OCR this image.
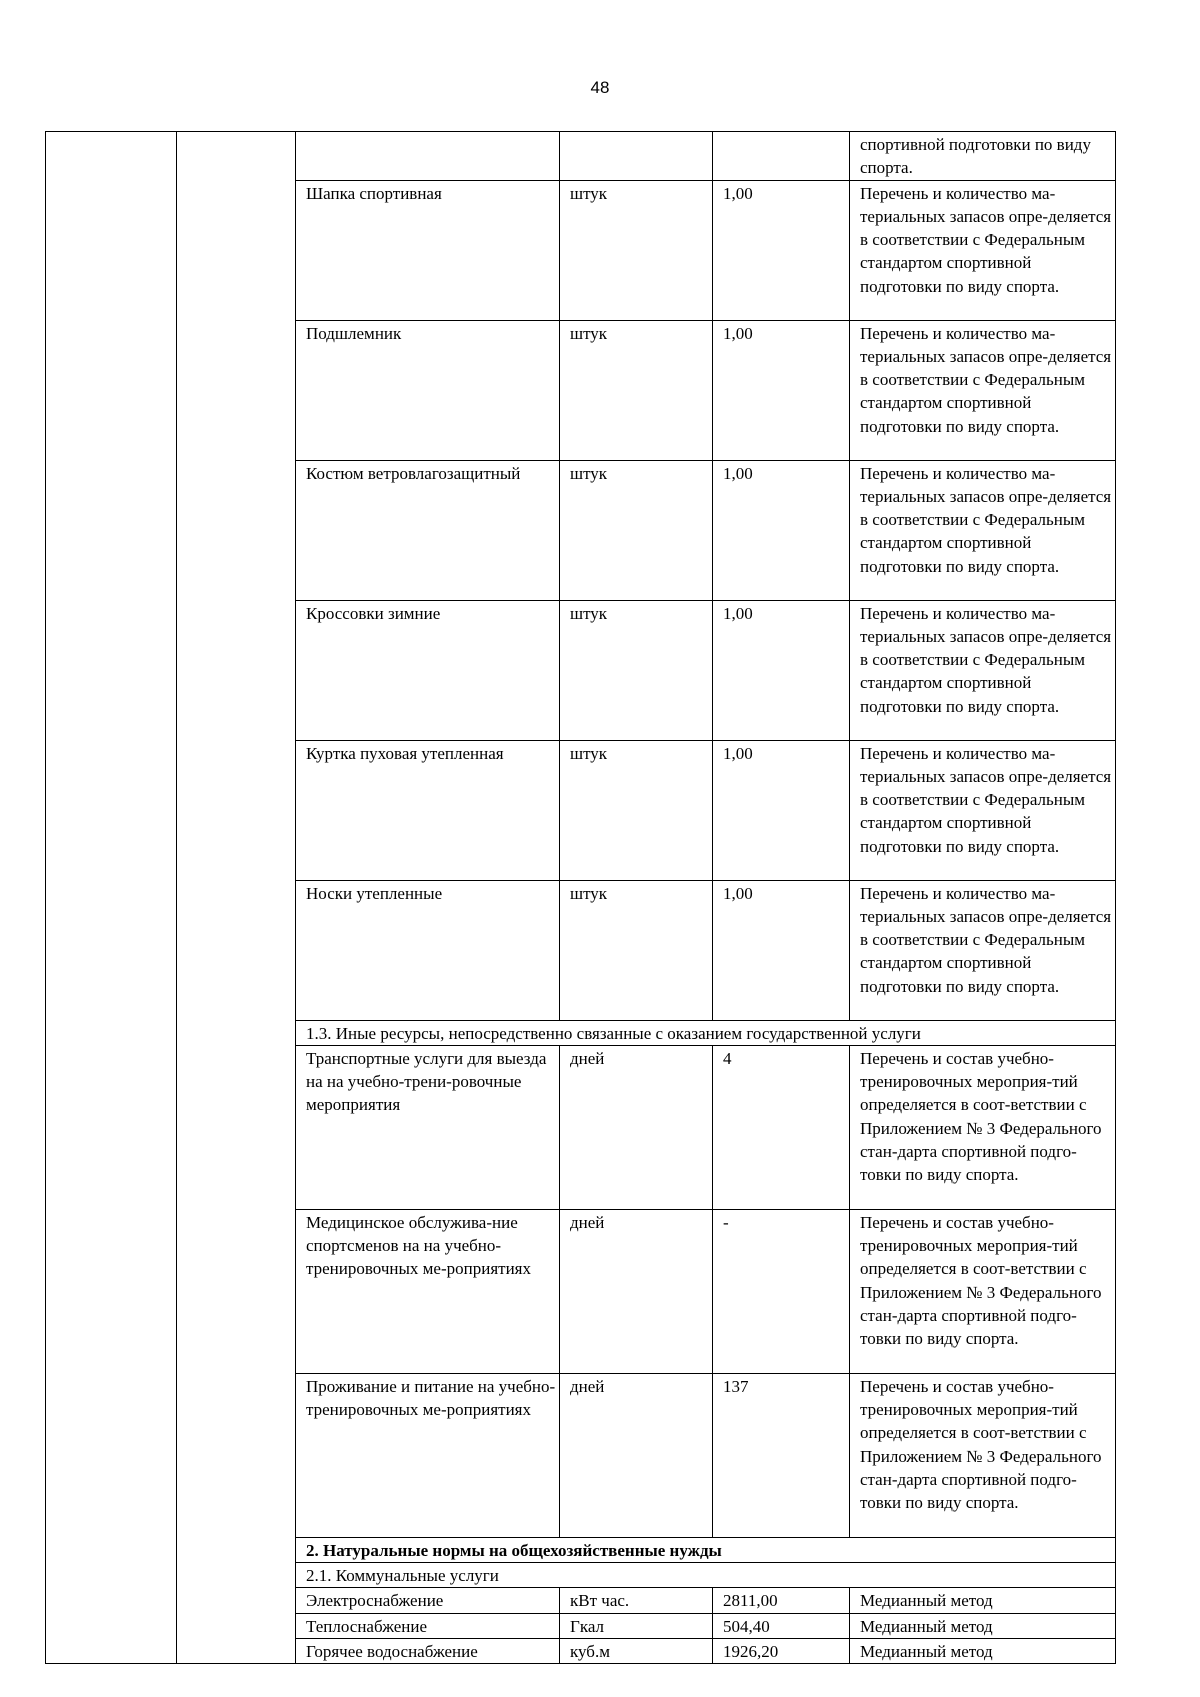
48
					спортивной подготовки по виду спорта.
		Шапка спортивная	штук	1,00	Перечень и количество ма-териальных запасов опре-деляется в соответствии с Федеральным стандартом спортивной подготовки по виду спорта.
		Подшлемник	штук	1,00	Перечень и количество ма-териальных запасов опре-деляется в соответствии с Федеральным стандартом спортивной подготовки по виду спорта.
		Костюм ветровлагозащитный	штук	1,00	Перечень и количество ма-териальных запасов опре-деляется в соответствии с Федеральным стандартом спортивной подготовки по виду спорта.
		Кроссовки зимние	штук	1,00	Перечень и количество ма-териальных запасов опре-деляется в соответствии с Федеральным стандартом спортивной подготовки по виду спорта.
		Куртка пуховая утепленная	штук	1,00	Перечень и количество ма-териальных запасов опре-деляется в соответствии с Федеральным стандартом спортивной подготовки по виду спорта.
		Носки утепленные	штук	1,00	Перечень и количество ма-териальных запасов опре-деляется в соответствии с Федеральным стандартом спортивной подготовки по виду спорта.
		1.3. Иные ресурсы, непосредственно связанные с оказанием государственной услуги			
		Транспортные услуги для выезда на на учебно-трени-ровочные мероприятия	дней	4	Перечень и состав учебно-тренировочных мероприя-тий определяется в соот-ветствии с Приложением № 3 Федерального стан-дарта спортивной подго-товки по виду спорта.
		Медицинское обслужива-ние спортсменов на на учебно-тренировочных ме-роприятиях	дней	-	Перечень и состав учебно-тренировочных мероприя-тий определяется в соот-ветствии с Приложением № 3 Федерального стан-дарта спортивной подго-товки по виду спорта.
		Проживание и питание на учебно-тренировочных ме-роприятиях	дней	137	Перечень и состав учебно-тренировочных мероприя-тий определяется в соот-ветствии с Приложением № 3 Федерального стан-дарта спортивной подго-товки по виду спорта.
		2. Натуральные нормы на общехозяйственные нужды			
		2.1. Коммунальные услуги			
		Электроснабжение	кВт час.	2811,00	Медианный метод
		Теплоснабжение	Гкал	504,40	Медианный метод
		Горячее водоснабжение	куб.м	1926,20	Медианный метод
